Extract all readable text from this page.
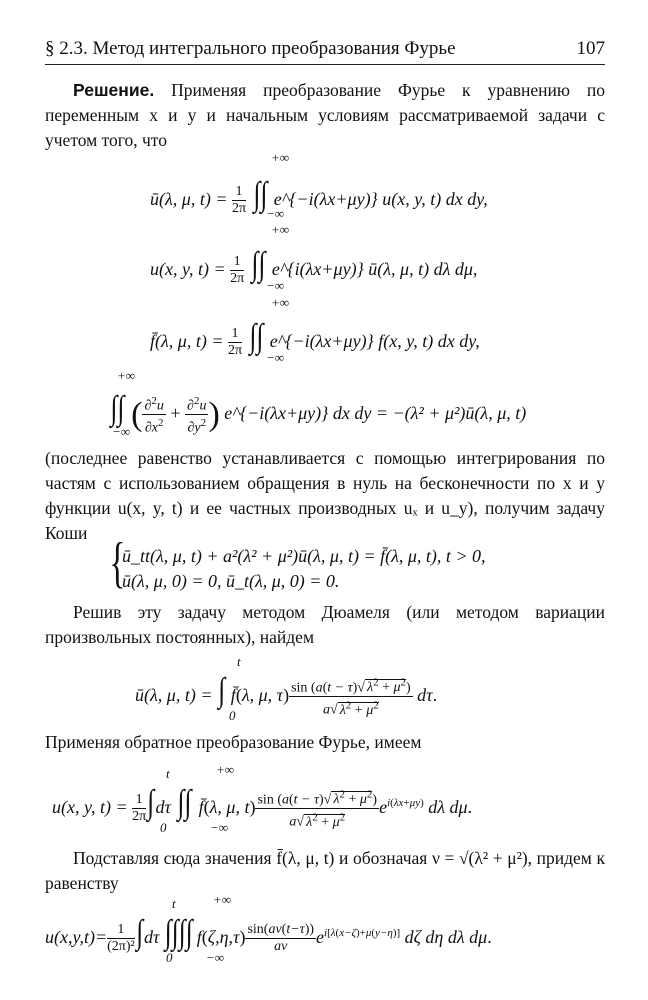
§ 2.3. Метод интегрального преобразования Фурье	107
Решение. Применяя преобразование Фурье к уравнению по переменным x и y и начальным условиям рассматриваемой задачи с учетом того, что
ū(λ, μ, $t) = \frac{1}{2\pi}$ ∫∫ e^{−i(λx+μy)} u(x, y, t) dx dy,
+∞
−∞
u(x, y, $t) = \frac{1}{2\pi}$ ∫∫ e^{i(λx+μy)} ū(λ, μ, t) dλ dμ,
+∞
−∞
f̄(λ, μ, $t) = \frac{1}{2\pi}$ ∫∫ e^{−i(λx+μy)} f(x, y, t) dx dy,
+∞
−∞
∫∫ ( $\frac{\partial^2u}{\partial x^2} + \frac{\partial^2u}{\partial y^2}$ ) e^{−i(λx+μy)} dx dy = −(λ² + μ²)ū(λ, μ, t)
+∞
−∞
(последнее равенство устанавливается с помощью интегрирования по частям с использованием обращения в нуль на бесконечности по x и y функции u(x, y, t) и ее частных производных uₓ и u_y), получим задачу Коши {
ū_tt(λ, μ, t) + a²(λ² + μ²)ū(λ, μ, t) = f̄(λ, μ, t), t > 0,
ū(λ, μ, 0) = 0, ū_t(λ, μ, 0) = 0.
Решив эту задачу методом Дюамеля (или методом вариации произвольных постоянных), найдем
ū(λ, μ, t) = ∫ f̄(λ, μ, $\tau) \frac{\sin (a(t - \tau)√ \lambda^2 + \mu^2)}{a√ \lambda^2 + \mu^2} d\tau$.
t
0
Применяя обратное преобразование Фурье, имеем
u(x, y, $t) = \frac{1}{2\pi} \int d\tau$ ∫∫ f̄(λ, μ, $t) \frac{\sin (a(t - \tau)√ \lambda^2 + \mu^2)}{a√ \lambda^2 + \mu^2} e^{i(\lambda x+\mu y)}$ dλ dμ.
t
0
+∞
−∞
Подставляя сюда значения f̄(λ, μ, t) и обозначая ν = √(λ² + μ²), придем к равенству
$u(x,y,t)= \frac{1}{\text{(2π)²}} \int d\tau$ ∫∫∫∫ $f(\zeta,\eta,\tau) \frac{\sin(a\nu(t-\tau))}{a\nu} e^{i[\lambda(x-\zeta)+\mu(y-\eta)]}$ dζ dη dλ dμ.
t
0
+∞
−∞
